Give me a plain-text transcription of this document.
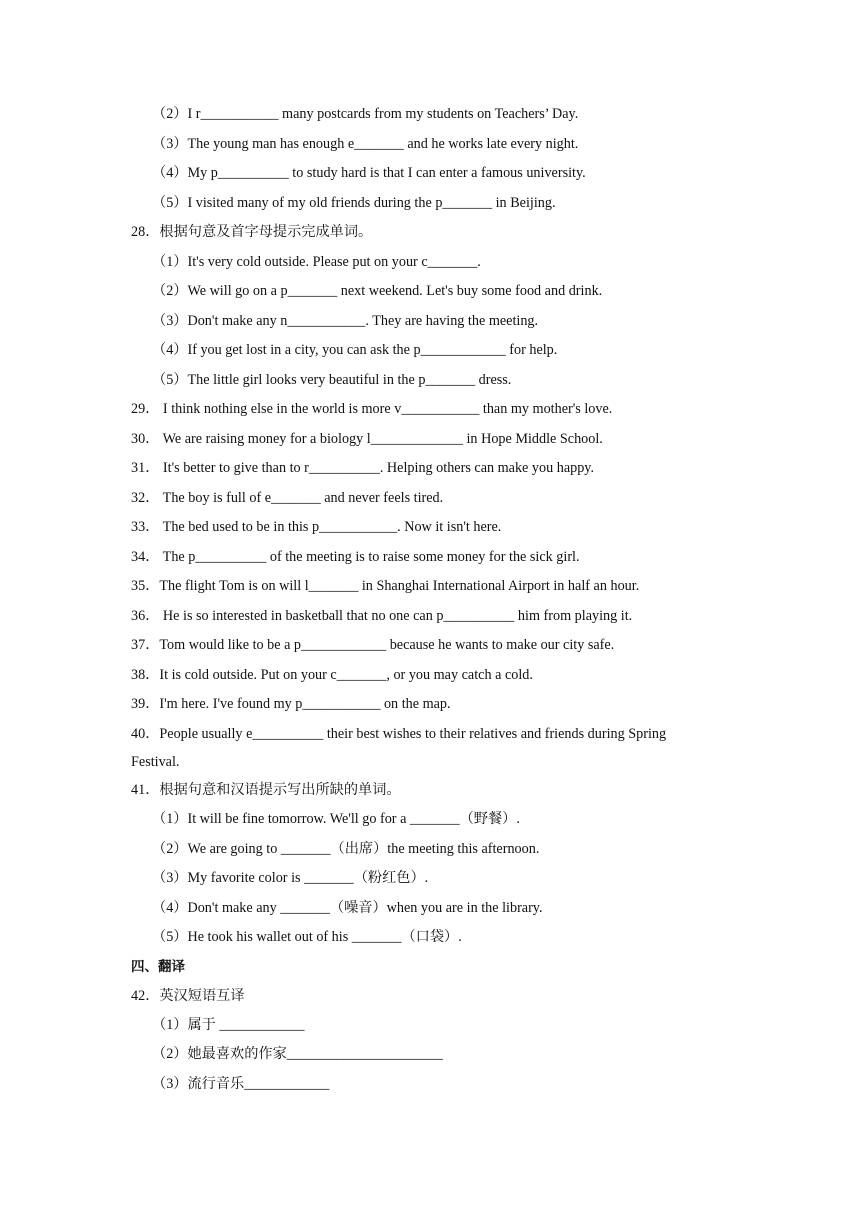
（2）I r___________ many postcards from my students on Teachers’ Day.
（3）The young man has enough e_______ and he works late every night.
（4）My p__________ to study hard is that I can enter a famous university.
（5）I visited many of my old friends during the p_______ in Beijing.
28．根据句意及首字母提示完成单词。
（1）It's very cold outside. Please put on your c_______.
（2）We will go on a p_______ next weekend. Let's buy some food and drink.
（3）Don't make any n___________. They are having the meeting.
（4）If you get lost in a city, you can ask the p____________ for help.
（5）The little girl looks very beautiful in the p_______ dress.
29． I think nothing else in the world is more v___________ than my mother's love.
30． We are raising money for a biology l_____________ in Hope Middle School.
31． It's better to give than to r__________. Helping others can make you happy.
32． The boy is full of e_______ and never feels tired.
33． The bed used to be in this p___________. Now it isn't here.
34． The p__________ of the meeting is to raise some money for the sick girl.
35．The flight Tom is on will l_______ in Shanghai International Airport in half an hour.
36． He is so interested in basketball that no one can p__________ him from playing it.
37．Tom would like to be a p____________ because he wants to make our city safe.
38．It is cold outside. Put on your c_______, or you may catch a cold.
39．I'm here. I've found my p___________ on the map.
40．People usually e__________ their best wishes to their relatives and friends during Spring
Festival.
41．根据句意和汉语提示写出所缺的单词。
（1）It will be fine tomorrow. We'll go for a _______（野餐）.
（2）We are going to _______（出席）the meeting this afternoon.
（3）My favorite color is _______（粉红色）.
（4）Don't make any _______（噪音）when you are in the library.
（5）He took his wallet out of his _______（口袋）.
四、翻译
42．英汉短语互译
（1）属于 ____________
（2）她最喜欢的作家______________________
（3）流行音乐____________
